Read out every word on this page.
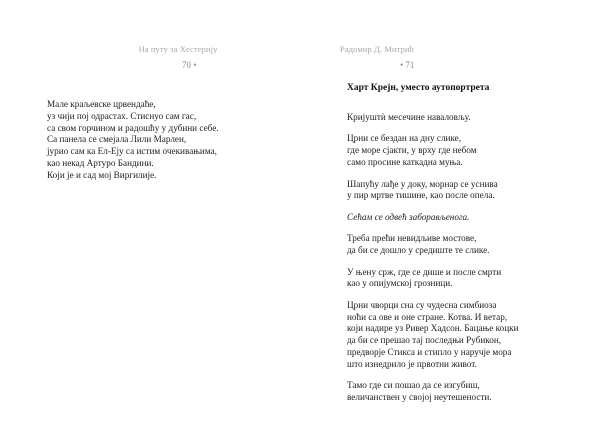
На путу за Хестерију
70 •
Мале краљевске црвендаће,
уз чији пој одрастах. Стиснуо сам гас,
са свом горчином и радошћу у дубини себе.
Са панела се смејала Лили Марлен,
јурио сам ка Ел-Еју са истим очекивањима,
као некад Артуро Бандини.
Који је и сад мој Виргилије.
Радомир Д. Митрић
• 71
Харт Крејн, уместо аутопортрета
Кријуштѝ месечине наваловљу.
Црни се бездан на дну слике,
где море сјакти, у врху где небом
само просине каткадна муња.
Шапућу лађе у доку, морнар се уснива
у пир мртве тишине, као после опела.
Сећам се одвећ заборављенога.
Треба прећи невидљиве мостове,
да би се дошло у средиште те слике.
У њену срж, где се дише и после смрти
као у опијумској грозници.
Црни чворци сна су чудесна симбиоза
ноћи са ове и оне стране. Котва. И ветар,
који надире уз Ривер Хадсон. Бацање коцки
да би се прешао тај последњи Рубикон,
предворје Стикса и стипло у наручје мора
што изнедрило је првотни живот.
Тамо где си пошао да се изгубиш,
величанствен у својој неутешености.
